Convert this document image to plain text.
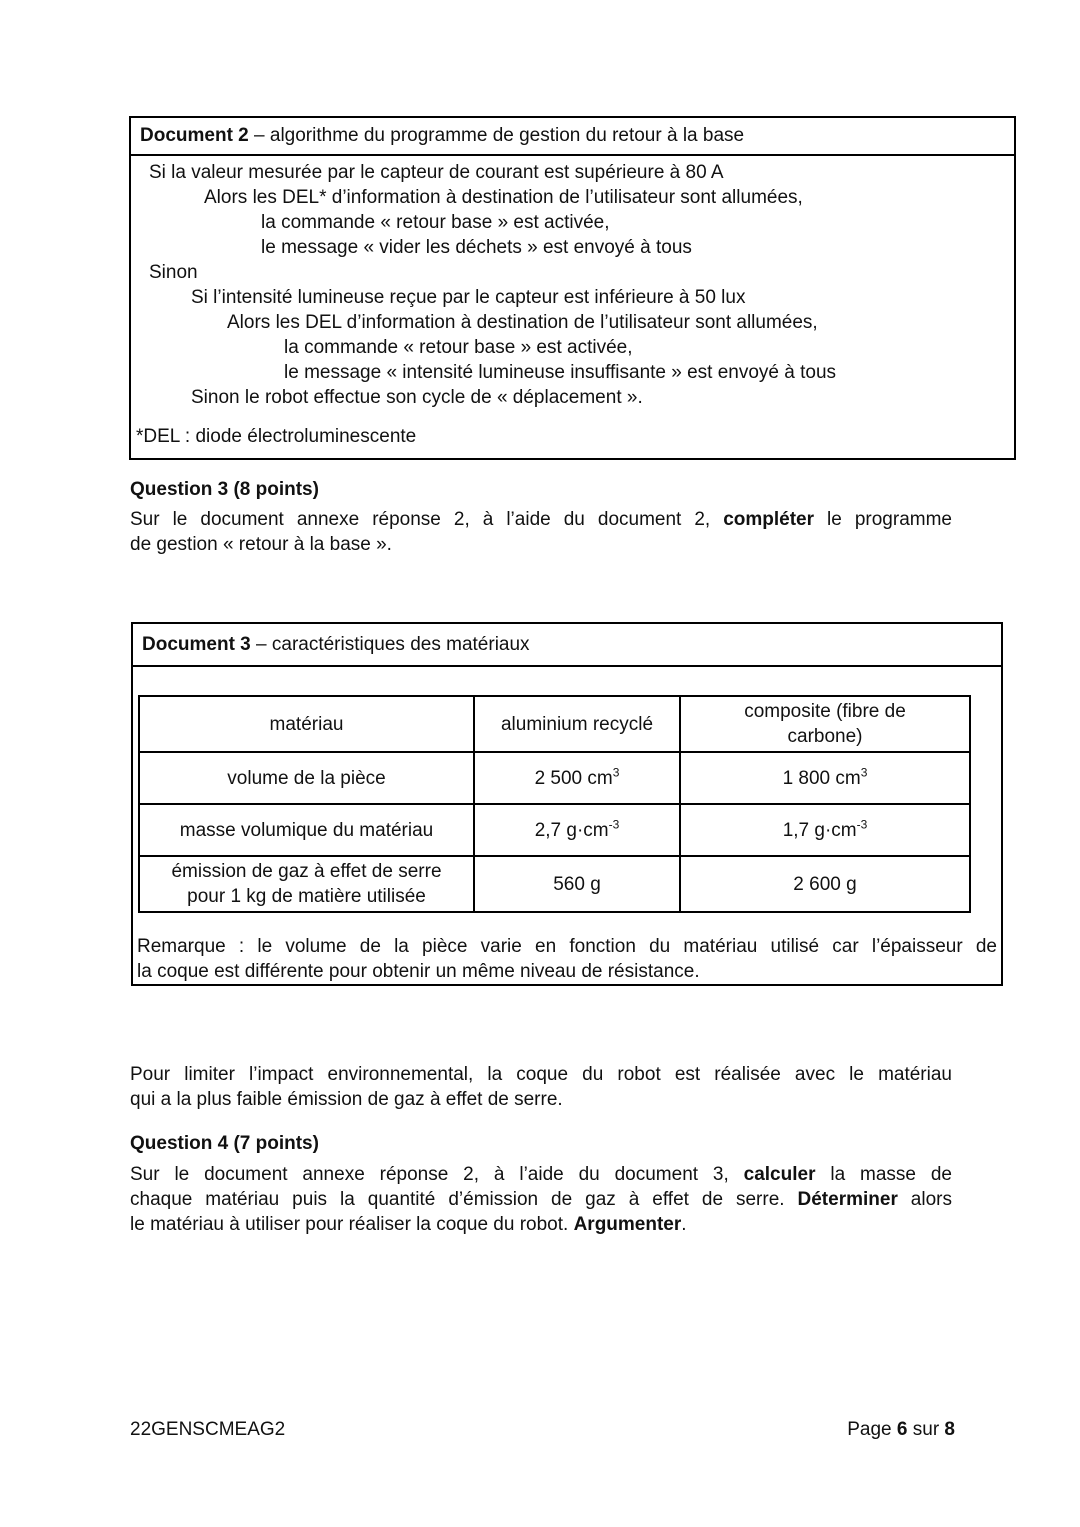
Document 2 – algorithme du programme de gestion du retour à la base
Si la valeur mesurée par le capteur de courant est supérieure à 80 A
Alors les DEL* d’information à destination de l’utilisateur sont allumées,
la commande « retour base » est activée,
le message « vider les déchets » est envoyé à tous
Sinon
Si l’intensité lumineuse reçue par le capteur est inférieure à 50 lux
Alors les DEL d’information à destination de l’utilisateur sont allumées,
la commande « retour base » est activée,
le message « intensité lumineuse insuffisante » est envoyé à tous
Sinon le robot effectue son cycle de « déplacement ».
*DEL : diode électroluminescente
Question 3 (8 points)
Sur le document annexe réponse 2, à l’aide du document 2, compléter le programme
de gestion « retour à la base ».
Document 3 – caractéristiques des matériaux
matériau	aluminium recyclé	composite (fibre de
carbone)
volume de la pièce	2 500 $cm^3$	1 800 $cm^3$
masse volumique du matériau	2,7 $g\cdot cm^{-3}$	1,7 $g\cdot cm^{-3}$
émission de gaz à effet de serre
pour 1 kg de matière utilisée	560 g	2 600 g
Remarque : le volume de la pièce varie en fonction du matériau utilisé car l’épaisseur de
la coque est différente pour obtenir un même niveau de résistance.
Pour limiter l’impact environnemental, la coque du robot est réalisée avec le matériau
qui a la plus faible émission de gaz à effet de serre.
Question 4 (7 points)
Sur le document annexe réponse 2, à l’aide du document 3, calculer la masse de
chaque matériau puis la quantité d’émission de gaz à effet de serre. Déterminer alors
le matériau à utiliser pour réaliser la coque du robot. Argumenter.
22GENSCMEAG2	Page 6 sur 8
